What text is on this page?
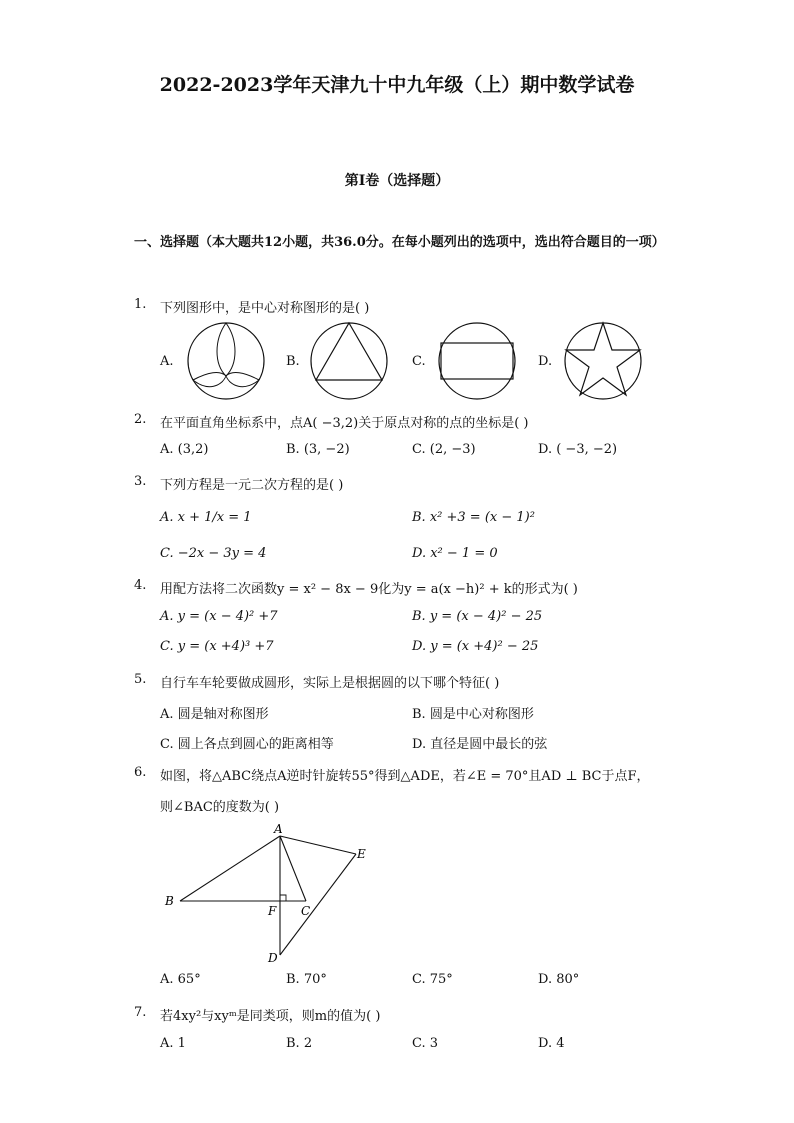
2022-2023学年天津九十中九年级（上）期中数学试卷
第I卷（选择题）
一、选择题（本大题共12小题，共36.0分。在每小题列出的选项中，选出符合题目的一项）
1. 下列图形中，是中心对称图形的是( )
A.	B.	C.	D.
2. 在平面直角坐标系中，点A( −3,2)关于原点对称的点的坐标是( )
A. (3,2)	B. (3, −2)	C. (2, −3)	D. ( −3, −2)
3. 下列方程是一元二次方程的是( )
A. x + 1/x = 1	B. x² +3 = (x − 1)²
C. −2x − 3y = 4	D. x² − 1 = 0
4. 用配方法将二次函数y = x² − 8x − 9化为y = a(x −h)² + k的形式为( )
A. y = (x − 4)² +7	B. y = (x − 4)² − 25
C. y = (x +4)³ +7	D. y = (x +4)² − 25
5. 自行车车轮要做成圆形，实际上是根据圆的以下哪个特征( )
A. 圆是轴对称图形	B. 圆是中心对称图形
C. 圆上各点到圆心的距离相等	D. 直径是圆中最长的弦
6. 如图，将△ABC绕点A逆时针旋转55°得到△ADE，若∠E = 70°且AD ⊥ BC于点F，
则∠BAC的度数为( )
A
B
C
D
E
F
A. 65°	B. 70°	C. 75°	D. 80°
7. 若4xy²与xyᵐ是同类项，则m的值为( )
A. 1	B. 2	C. 3	D. 4
